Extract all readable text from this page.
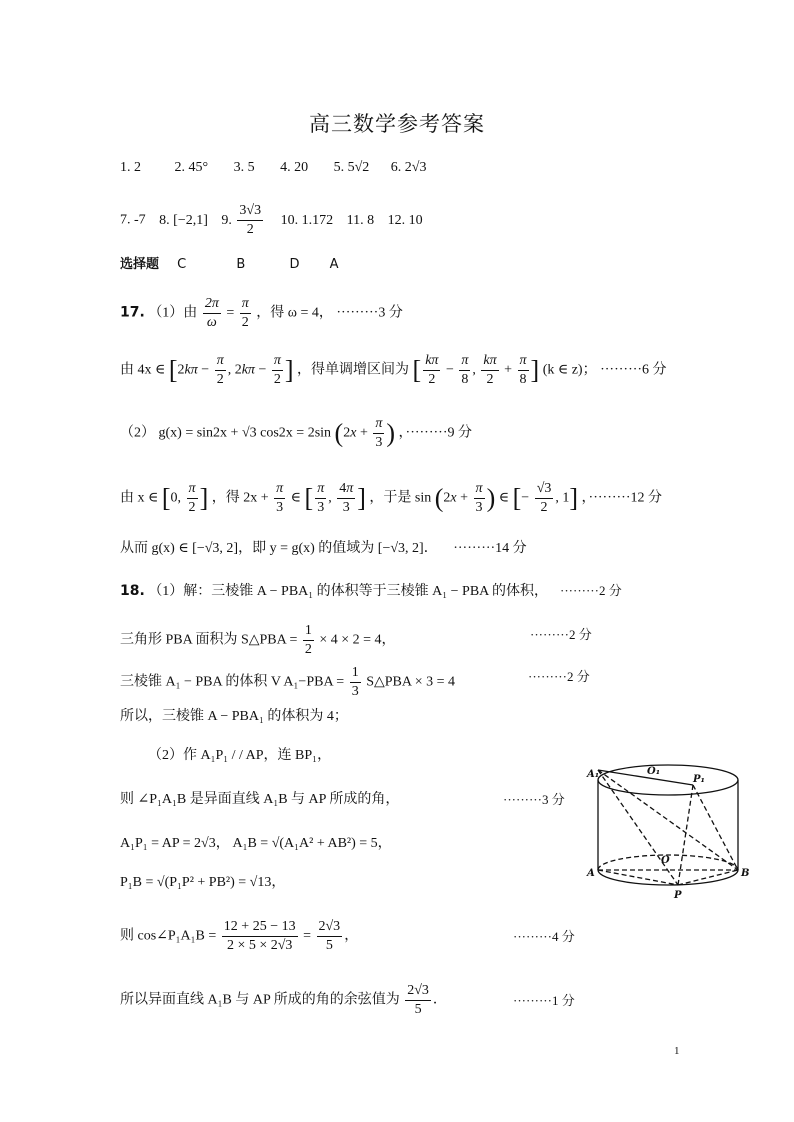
高三数学参考答案
1. 2 2. 45° 3. 5 4. 20 5. 5√2 6. 2√3
7. -7 8. [−2,1] 9. $\frac{3√3}{2} 10$. 1.172 11. 8 12. 10
选择题 C	B	D A
17. （1）由 $\frac{2\pi}{\omega} = \frac{\pi}{2}$ ，得 ω = 4， ·········3 分
由 4x ∈ [$2k\pi - \frac{\pi}{2}$ , $2k\pi - \frac{\pi}{2}$ ] ，得单调增区间为 [ $\frac{k\pi}{2} - \frac{\pi}{8}$ , $\frac{k\pi}{2} + \frac{\pi}{8}$ ] (k ∈ z)； ·········6 分
（2） g(x) = sin2x + √3 cos2x = 2sin ($2x + \frac{\pi}{3}$ ) ，·········9 分
由 x ∈ [0, $\frac{\pi}{2}$ ] ，得 $2x + \frac{\pi}{3}$ ∈ [ $\frac{\pi}{3}$ , $\frac{4\pi}{3}$ ] ，于是 $\sin (2x + \frac{\pi}{3}$ ) ∈ [− $\frac{√3}{2}$ , 1] ，·········12 分
从而 g(x) ∈ [−√3, 2]，即 y = g(x) 的值域为 [−√3, 2]． ·········14 分
18. （1）解：三棱锥 A − PBA₁ 的体积等于三棱锥 A₁ − PBA 的体积， ·········2 分
三角形 PBA 面积为 S△PBA = $\frac{1}{2} \times 4 \times 2 = 4$，	·········2 分
三棱锥 A₁ − PBA 的体积 V $A_1-PBA = \frac{1}{3}$ S△PBA × 3 = 4	·········2 分
所以，三棱锥 A − PBA₁ 的体积为 4；
（2）作 A₁P₁ / / AP，连 BP₁，
则 ∠P₁A₁B 是异面直线 A₁B 与 AP 所成的角，	·········3 分
A₁P₁ = AP = 2√3， A₁B = √(A₁A² + AB²) = 5，
P₁B = √(P₁P² + PB²) = √13，
则 cos∠P₁A₁B = $\frac{12 + 25 - 13}{2 \times 5 \times 2√3} = \frac{2√3}{5}$ ，	·········4 分
所以异面直线 A₁B 与 AP 所成的角的余弦值为 $\frac{2√3}{5}$ ．	·········1 分
A₁	O₁
P₁
O
A	B
P
1
